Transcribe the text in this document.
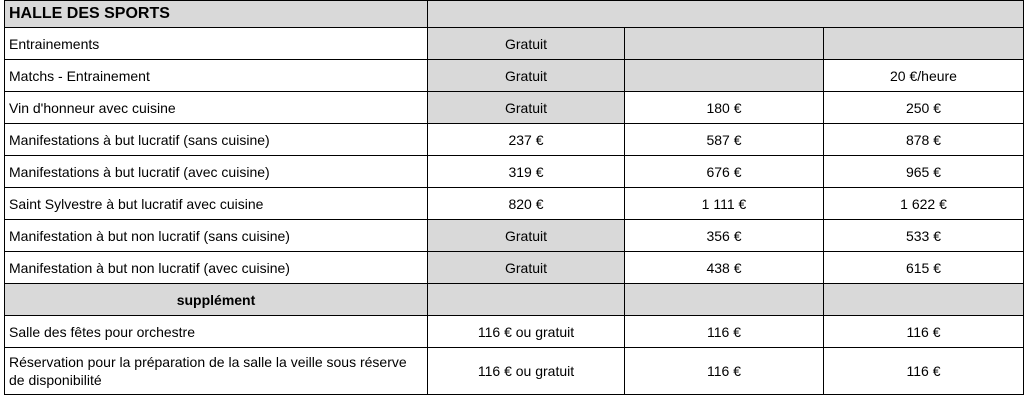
HALLE DES SPORTS			
Entrainements	Gratuit		
Matchs - Entrainement	Gratuit		20 €/heure
Vin d'honneur avec cuisine	Gratuit	180 €	250 €
Manifestations à but lucratif (sans cuisine)	237 €	587 €	878 €
Manifestations à but lucratif (avec cuisine)	319 €	676 €	965 €
Saint Sylvestre à but lucratif avec cuisine	820 €	1 111 €	1 622 €
Manifestation à but non lucratif (sans cuisine)	Gratuit	356 €	533 €
Manifestation à but non lucratif (avec cuisine)	Gratuit	438 €	615 €
supplément			
Salle des fêtes pour orchestre	116 € ou gratuit	116 €	116 €
Réservation pour la préparation de la salle la veille sous réserve de disponibilité	116 € ou gratuit	116 €	116 €
